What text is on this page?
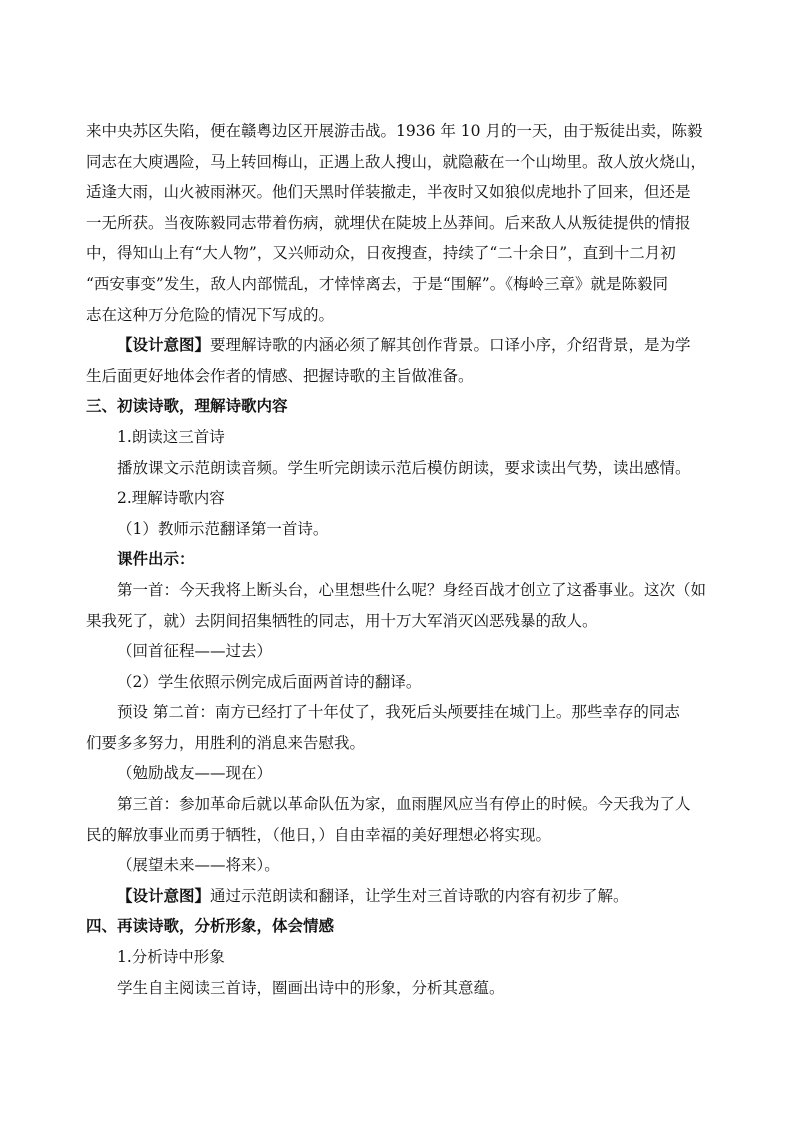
来中央苏区失陷，便在赣粤边区开展游击战。1936 年 10 月的一天，由于叛徒出卖，陈毅
同志在大庾遇险，马上转回梅山，正遇上敌人搜山，就隐蔽在一个山坳里。敌人放火烧山，
适逢大雨，山火被雨淋灭。他们天黑时佯装撤走，半夜时又如狼似虎地扑了回来，但还是
一无所获。当夜陈毅同志带着伤病，就埋伏在陡坡上丛莽间。后来敌人从叛徒提供的情报
中，得知山上有“大人物”，又兴师动众，日夜搜查，持续了“二十余日”，直到十二月初
“西安事变”发生，敌人内部慌乱，才悻悻离去，于是“围解”。《梅岭三章》就是陈毅同
志在这种万分危险的情况下写成的。
【设计意图】要理解诗歌的内涵必须了解其创作背景。口译小序，介绍背景，是为学
生后面更好地体会作者的情感、把握诗歌的主旨做准备。
三、初读诗歌，理解诗歌内容
1.朗读这三首诗
播放课文示范朗读音频。学生听完朗读示范后模仿朗读，要求读出气势，读出感情。
2.理解诗歌内容
（1）教师示范翻译第一首诗。
课件出示：
第一首：今天我将上断头台，心里想些什么呢？身经百战才创立了这番事业。这次（如
果我死了，就）去阴间招集牺牲的同志，用十万大军消灭凶恶残暴的敌人。
（回首征程——过去）
（2）学生依照示例完成后面两首诗的翻译。
预设 第二首：南方已经打了十年仗了，我死后头颅要挂在城门上。那些幸存的同志
们要多多努力，用胜利的消息来告慰我。
（勉励战友——现在）
第三首：参加革命后就以革命队伍为家，血雨腥风应当有停止的时候。今天我为了人
民的解放事业而勇于牺牲，（他日，）自由幸福的美好理想必将实现。
（展望未来——将来）。
【设计意图】通过示范朗读和翻译，让学生对三首诗歌的内容有初步了解。
四、再读诗歌，分析形象，体会情感
1.分析诗中形象
学生自主阅读三首诗，圈画出诗中的形象，分析其意蕴。
